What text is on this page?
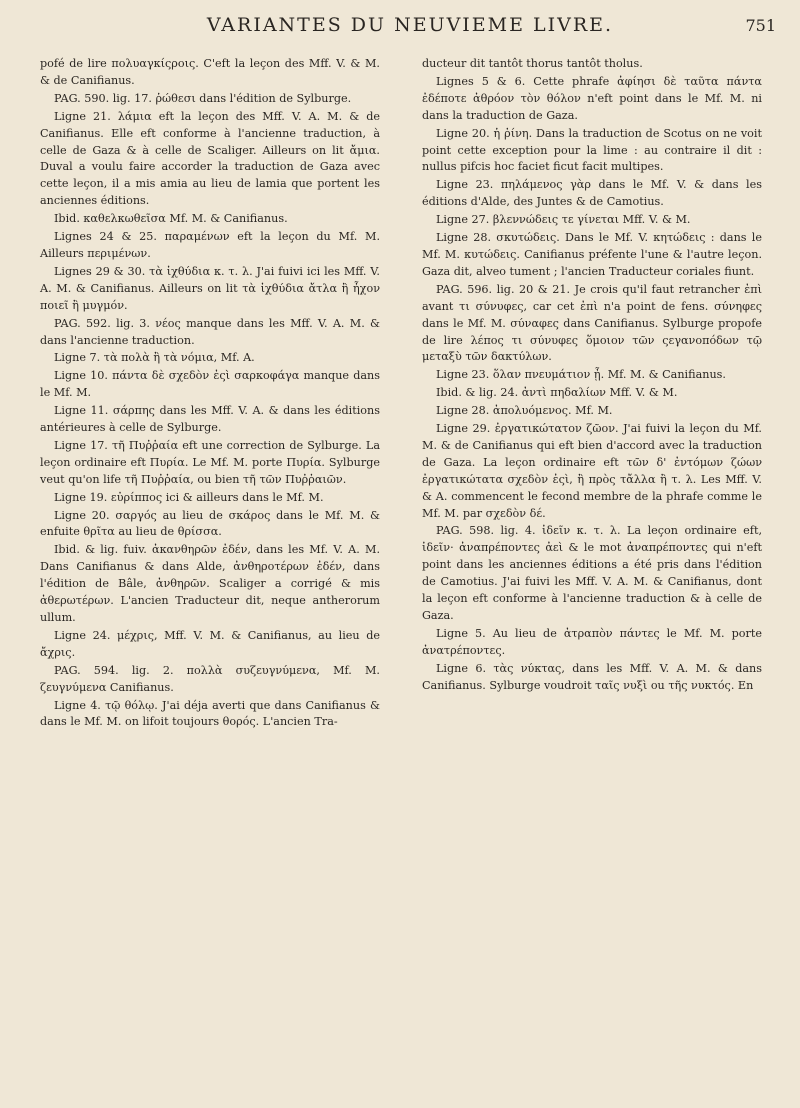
VARIANTES DU NEUVIEME LIVRE.	751

pofé de lire πολυαγκίςροις. C'eft la leçon des Mff. V. & M. & de Canifianus.

PAG. 590. lig. 17. ῥώθεσι dans l'édition de Sylburge.

Ligne 21. λάμια eft la leçon des Mff. V. A. M. & de Canifianus. Elle eft conforme à l'ancienne traduction, à celle de Gaza & à celle de Scaliger. Ailleurs on lit ἄμια. Duval a voulu faire accorder la traduction de Gaza avec cette leçon, il a mis amia au lieu de lamia que portent les anciennes éditions.

Ibid. καθελκωθεῖσα Mf. M. & Canifianus.

Lignes 24 & 25. παραμένων eft la leçon du Mf. M. Ailleurs περιμένων.

Lignes 29 & 30. τὰ ἰχθύδια κ. τ. λ. J'ai fuivi ici les Mff. V. A. M. & Canifianus. Ailleurs on lit τὰ ἰχθύδια ἄτλα ἢ ἧχον ποιεῖ ἢ μυγμόν.

PAG. 592. lig. 3. νέος manque dans les Mff. V. A. M. & dans l'ancienne traduction.

Ligne 7. τὰ πολὰ ἢ τὰ νόμια, Mf. A.

Ligne 10. πάντα δὲ σχεδὸν ἐςὶ σαρκοφάγα manque dans le Mf. M.

Ligne 11. σάρπης dans les Mff. V. A. & dans les éditions antérieures à celle de Sylburge.

Ligne 17. τῆ Πυῤῥαία eft une correction de Sylburge. La leçon ordinaire eft Πυρία. Le Mf. M. porte Πυρία. Sylburge veut qu'on life τῆ Πυῤῥαία, ou bien τῆ τῶν Πυῤῥαιῶν.

Ligne 19. εὐρίππος ici & ailleurs dans le Mf. M.

Ligne 20. σαργός au lieu de σκάρος dans le Mf. M. & enfuite θρῖτα au lieu de θρίσσα.

Ibid. & lig. fuiv. ἀκανθηρῶν ἐδέν, dans les Mf. V. A. M. Dans Canifianus & dans Alde, ἀνθηροτέρων ἐδέν, dans l'édition de Bâle, ἀνθηρῶν. Scaliger a corrigé & mis ἀθερωτέρων. L'ancien Traducteur dit, neque antherorum ullum.

Ligne 24. μέχρις, Mff. V. M. & Canifianus, au lieu de ἄχρις.

PAG. 594. lig. 2. πολλὰ συζευγνύμενα, Mf. M. ζευγνύμενα Canifianus.

Ligne 4. τῷ θόλῳ. J'ai déja averti que dans Canifianus & dans le Mf. M. on lifoit toujours θορός. L'ancien Tra-

ducteur dit tantôt thorus tantôt tholus.

Lignes 5 & 6. Cette phrafe ἀφίησι δὲ ταῦτα πάντα ἐδέποτε ἀθρόον τὸν θόλον n'eft point dans le Mf. M. ni dans la traduction de Gaza.

Ligne 20. ἡ ῥίνη. Dans la traduction de Scotus on ne voit point cette exception pour la lime : au contraire il dit : nullus pifcis hoc faciet ficut facit multipes.

Ligne 23. πηλάμενος γὰρ dans le Mf. V. & dans les éditions d'Alde, des Juntes & de Camotius.

Ligne 27. βλεννώδεις τε γίνεται Mff. V. & M.

Ligne 28. σκυτώδεις. Dans le Mf. V. κητώδεις : dans le Mf. M. κυτώδεις. Canifianus préfente l'une & l'autre leçon. Gaza dit, alveo tument ; l'ancien Traducteur coriales fiunt.

PAG. 596. lig. 20 & 21. Je crois qu'il faut retrancher ἐπὶ avant τι σύνυφες, car cet ἐπὶ n'a point de fens. σύνηφες dans le Mf. M. σύναφες dans Canifianus. Sylburge propofe de lire λέπος τι σύνυφες ὅμοιον τῶν ςεγανοπόδων τῷ μεταξὺ τῶν δακτύλων.

Ligne 23. ὅλαν πνευμάτιον ᾖ. Mf. M. & Canifianus.

Ibid. & lig. 24. ἀντὶ πηδαλίων Mff. V. & M.

Ligne 28. ἀπολυόμενος. Mf. M.

Ligne 29. ἐργατικώτατον ζῶον. J'ai fuivi la leçon du Mf. M. & de Canifianus qui eft bien d'accord avec la traduction de Gaza. La leçon ordinaire eft τῶν δ' ἐντόμων ζώων ἐργατικώτατα σχεδὸν ἐςὶ, ἢ πρὸς τἄλλα ἢ τ. λ. Les Mff. V. & A. commencent le fecond membre de la phrafe comme le Mf. M. par σχεδὸν δέ.

PAG. 598. lig. 4. ἰδεῖν κ. τ. λ. La leçon ordinaire eft, ἰδεῖν· ἀναπρέποντες ἀεὶ & le mot ἀναπρέποντες qui n'eft point dans les anciennes éditions a été pris dans l'édition de Camotius. J'ai fuivi les Mff. V. A. M. & Canifianus, dont la leçon eft conforme à l'ancienne traduction & à celle de Gaza.

Ligne 5. Au lieu de ἀτραπὸν πάντες le Mf. M. porte ἀνατρέποντες.

Ligne 6. τὰς νύκτας, dans les Mff. V. A. M. & dans Canifianus. Sylburge voudroit ταῖς νυξὶ ou τῆς νυκτός. En
